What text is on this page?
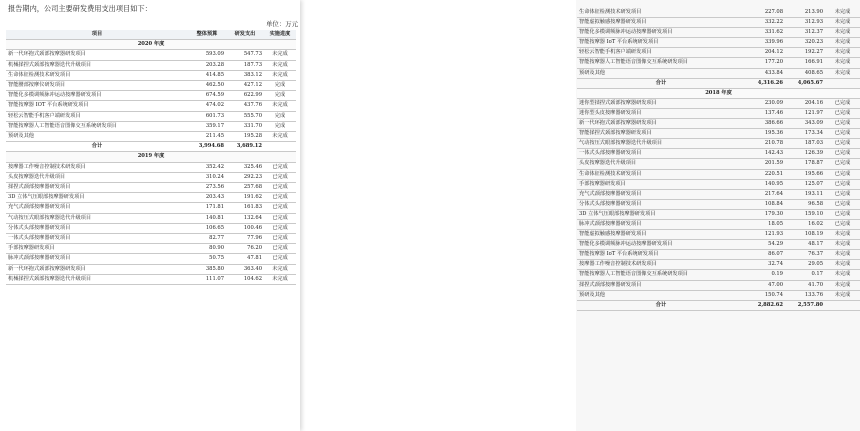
报告期内，公司主要研发费用支出项目如下：
单位：万元
项目	整体预算	研发支出	实施进度
2020 年度			
新一代环抱式颈部按摩器研发项目	593.09	547.73	未完成
机械揉捏式颈部按摩器迭代升级项目	203.28	187.73	未完成
生命体征检测技术研发项目	414.85	383.12	未完成
智能腰部按摩仪研发项目	462.50	427.12	完成
智能化多模调频脉冲运动按摩器研发项目	674.59	622.99	完成
智能按摩器 IOT 平台系统研发项目	474.02	437.76	未完成
轻松云智能手机客户端研发项目	601.73	555.70	完成
智能按摩器人工智能语音图像交互系统研发项目	359.17	331.70	完成
预研及其他	211.45	195.28	未完成
合计	3,994.68	3,689.12	
2019 年度			
按摩器工作噪音控制技术研发项目	352.42	325.46	已完成
头皮按摩器迭代升级项目	310.24	292.23	已完成
揉捏式颈部按摩器研发项目	273.56	257.68	已完成
3D 立体气压眼部按摩器研发项目	203.43	191.62	已完成
充气式颈部按摩器研发项目	171.81	161.83	已完成
气动按压式眼部按摩器迭代升级项目	140.81	132.64	已完成
分体式头部按摩器研发项目	106.65	100.46	已完成
一体式头部按摩器研发项目	82.77	77.96	已完成
手部按摩器研发项目	80.90	76.20	已完成
脉冲式颈部按摩器研发项目	50.75	47.81	已完成
新一代环抱式颈部按摩器研发项目	385.80	363.40	未完成
机械揉捏式颈部按摩器迭代升级项目	111.07	104.62	未完成
生命体征检测技术研发项目	227.08	213.90	未完成
智能虚拟触感按摩器研发项目	332.22	312.93	未完成
智能化多模调频脉冲运动按摩器研发项目	331.62	312.37	未完成
智能按摩器 IoT 平台系统研发项目	339.96	320.23	未完成
轻松云智能手机客户端研发项目	204.12	192.27	未完成
智能按摩器人工智能语音图像交互系统研发项目	177.20	166.91	未完成
预研及其他	433.84	408.65	未完成
合计	4,316.26	4,065.67	
2018 年度			
迷你型揉捏式颈部按摩器研发项目	230.09	204.16	已完成
迷你型头皮按摩器研发项目	137.46	121.97	已完成
新一代环抱式颈部按摩器研发项目	386.66	343.09	已完成
智能揉捏式颈部按摩器研发项目	195.36	173.34	已完成
气动按压式眼部按摩器迭代升级项目	210.78	187.03	已完成
一体式头部按摩器研发项目	142.43	126.39	已完成
头皮按摩器迭代升级项目	201.59	178.87	已完成
生命体征检测技术研发项目	220.51	195.66	已完成
手部按摩器研发项目	140.95	125.07	已完成
充气式颈部按摩器研发项目	217.64	193.11	已完成
分体式头部按摩器研发项目	108.84	96.58	已完成
3D 立体气压眼部按摩器研发项目	179.30	159.10	已完成
脉冲式颈部按摩器研发项目	18.05	16.02	已完成
智能虚拟触感按摩器研发项目	121.93	108.19	未完成
智能化多模调频脉冲运动按摩器研发项目	54.29	48.17	未完成
智能按摩器 IoT 平台系统研发项目	86.07	76.37	未完成
按摩器工作噪音控制技术研发项目	32.74	29.05	未完成
智能按摩器人工智能语音图像交互系统研发项目	0.19	0.17	未完成
揉捏式颈部按摩器研发项目	47.00	41.70	未完成
预研及其他	150.74	133.76	未完成
合计	2,882.62	2,557.80	
